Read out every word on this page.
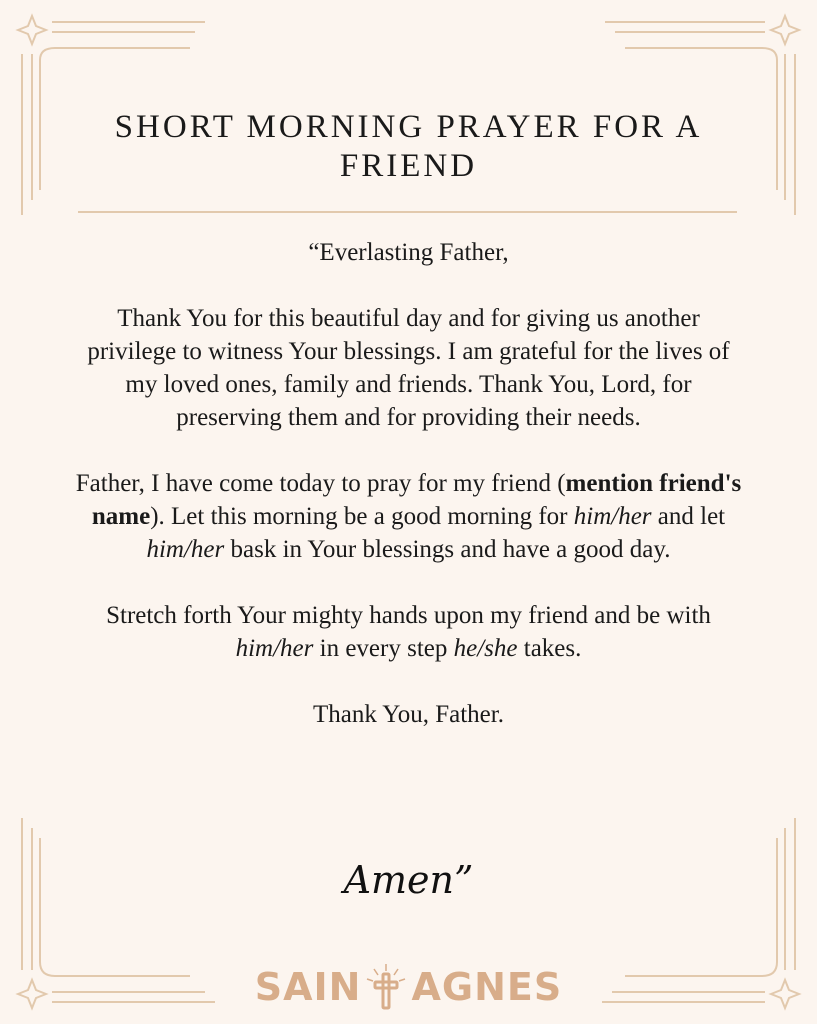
SHORT MORNING PRAYER FOR A FRIEND

“Everlasting Father,

Thank You for this beautiful day and for giving us another privilege to witness Your blessings. I am grateful for the lives of my loved ones, family and friends. Thank You, Lord, for preserving them and for providing their needs.

Father, I have come today to pray for my friend (mention friend's name). Let this morning be a good morning for him/her and let him/her bask in Your blessings and have a good day.

Stretch forth Your mighty hands upon my friend and be with him/her in every step he/she takes.

Thank You, Father.

Amen”
SAIN AGNES
